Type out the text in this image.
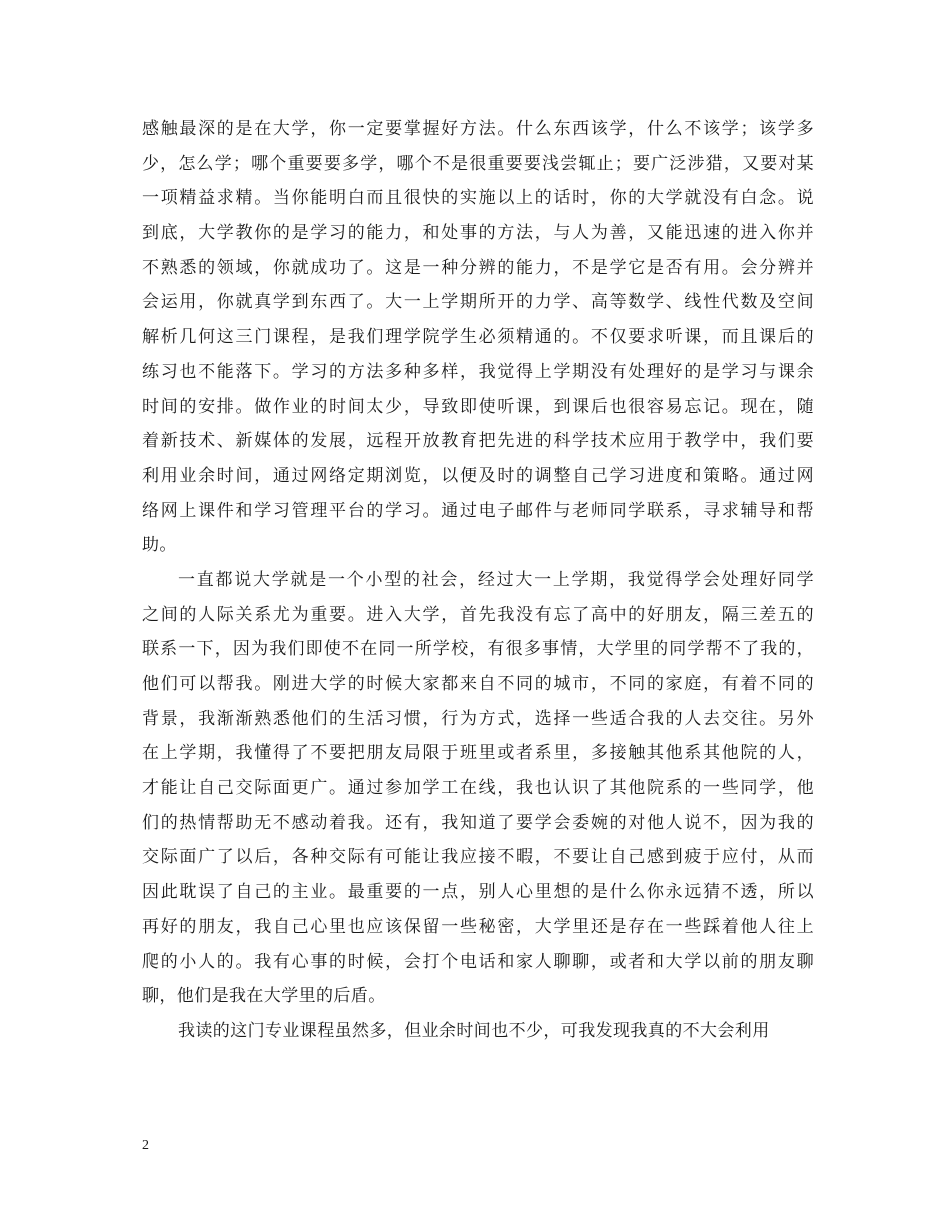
感触最深的是在大学，你一定要掌握好方法。什么东西该学，什么不该学；该学多
少，怎么学；哪个重要要多学，哪个不是很重要要浅尝辄止；要广泛涉猎，又要对某
一项精益求精。当你能明白而且很快的实施以上的话时，你的大学就没有白念。说
到底，大学教你的是学习的能力，和处事的方法，与人为善，又能迅速的进入你并
不熟悉的领域，你就成功了。这是一种分辨的能力，不是学它是否有用。会分辨并
会运用，你就真学到东西了。大一上学期所开的力学、高等数学、线性代数及空间
解析几何这三门课程，是我们理学院学生必须精通的。不仅要求听课，而且课后的
练习也不能落下。学习的方法多种多样，我觉得上学期没有处理好的是学习与课余
时间的安排。做作业的时间太少，导致即使听课，到课后也很容易忘记。现在，随
着新技术、新媒体的发展，远程开放教育把先进的科学技术应用于教学中，我们要
利用业余时间，通过网络定期浏览，以便及时的调整自己学习进度和策略。通过网
络网上课件和学习管理平台的学习。通过电子邮件与老师同学联系，寻求辅导和帮
助。
一直都说大学就是一个小型的社会，经过大一上学期，我觉得学会处理好同学
之间的人际关系尤为重要。进入大学，首先我没有忘了高中的好朋友，隔三差五的
联系一下，因为我们即使不在同一所学校，有很多事情，大学里的同学帮不了我的，
他们可以帮我。刚进大学的时候大家都来自不同的城市，不同的家庭，有着不同的
背景，我渐渐熟悉他们的生活习惯，行为方式，选择一些适合我的人去交往。另外
在上学期，我懂得了不要把朋友局限于班里或者系里，多接触其他系其他院的人，
才能让自己交际面更广。通过参加学工在线，我也认识了其他院系的一些同学，他
们的热情帮助无不感动着我。还有，我知道了要学会委婉的对他人说不，因为我的
交际面广了以后，各种交际有可能让我应接不暇，不要让自己感到疲于应付，从而
因此耽误了自己的主业。最重要的一点，别人心里想的是什么你永远猜不透，所以
再好的朋友，我自己心里也应该保留一些秘密，大学里还是存在一些踩着他人往上
爬的小人的。我有心事的时候，会打个电话和家人聊聊，或者和大学以前的朋友聊
聊，他们是我在大学里的后盾。
我读的这门专业课程虽然多，但业余时间也不少，可我发现我真的不大会利用
2
